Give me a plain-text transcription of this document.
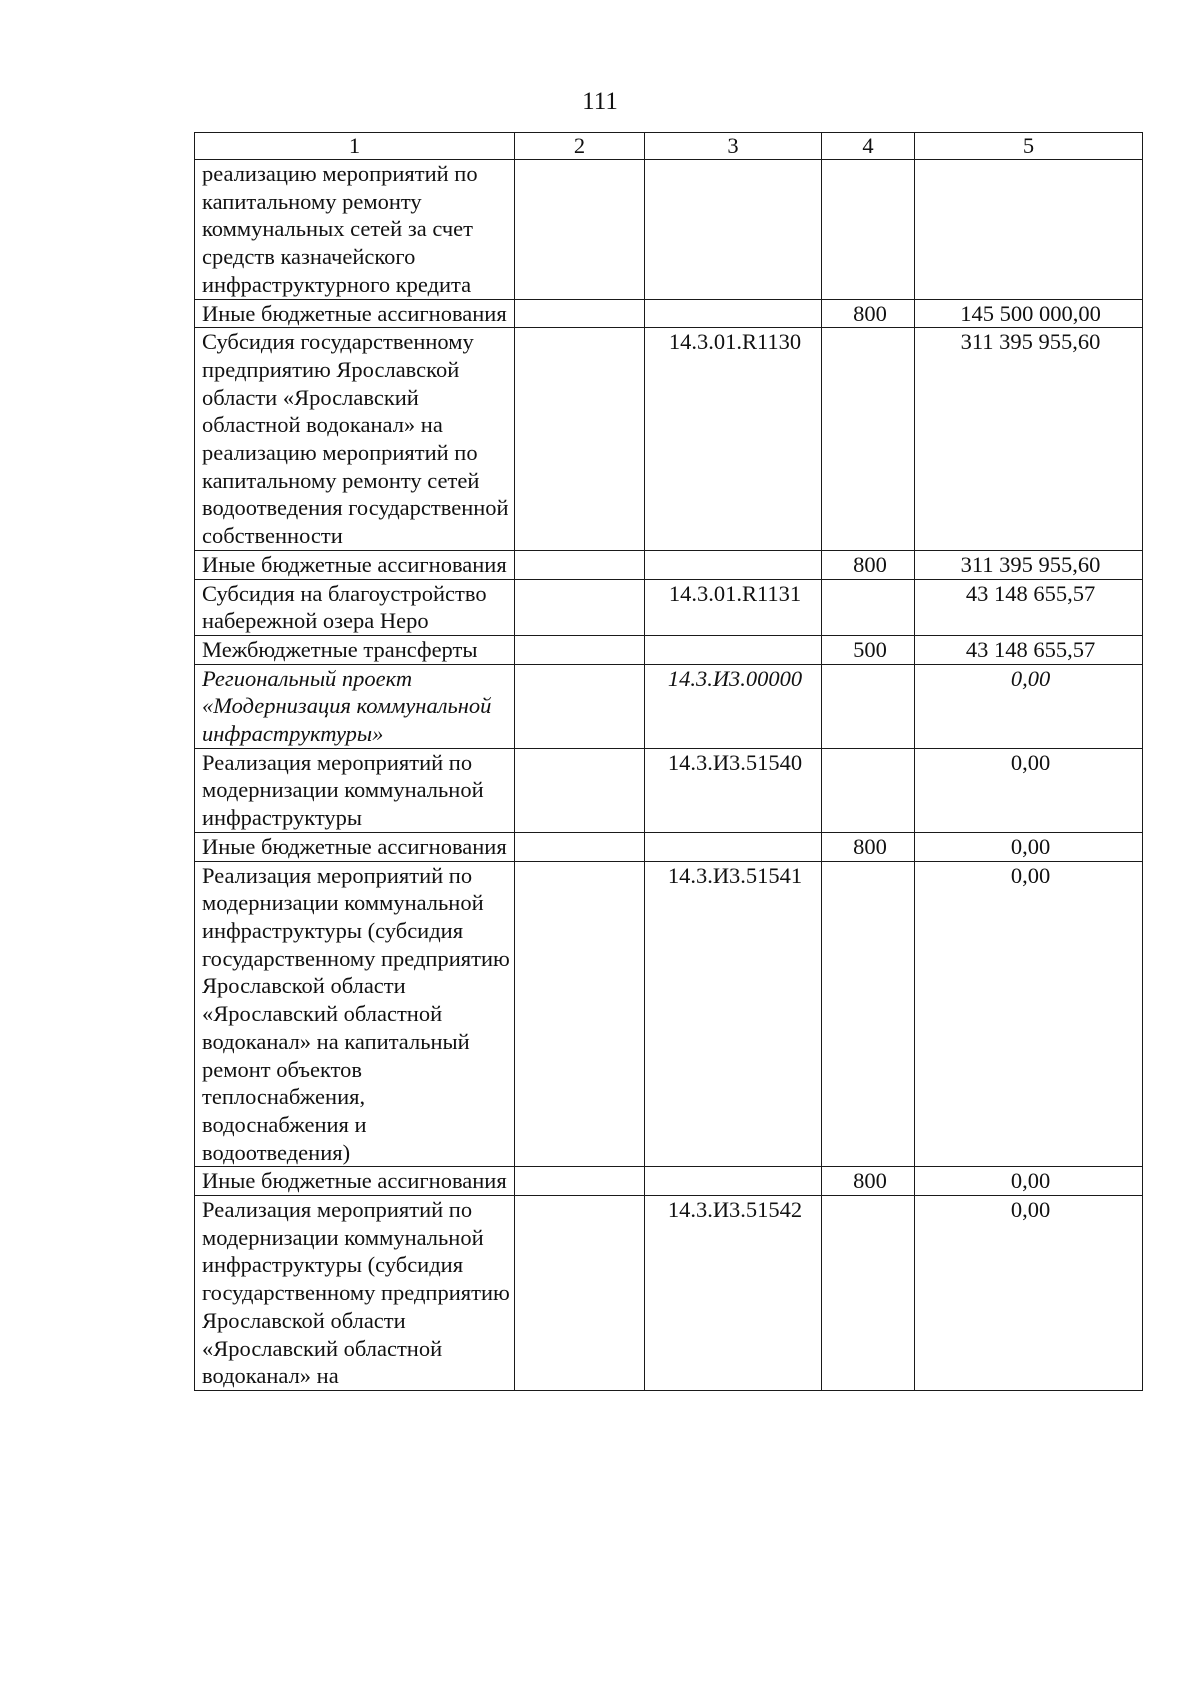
111
1	2	3	4	5
реализацию мероприятий по капитальному ремонту коммунальных сетей за счет средств казначейского инфраструктурного кредита				
Иные бюджетные ассигнования			800	145 500 000,00
Субсидия государственному предприятию Ярославской области «Ярославский областной водоканал» на реализацию мероприятий по капитальному ремонту сетей водоотведения государственной собственности		14.3.01.R1130		311 395 955,60
Иные бюджетные ассигнования			800	311 395 955,60
Субсидия на благоустройство набережной озера Неро		14.3.01.R1131		43 148 655,57
Межбюджетные трансферты			500	43 148 655,57
Региональный проект «Модернизация коммунальной инфраструктуры»		14.3.И3.00000		0,00
Реализация мероприятий по модернизации коммунальной инфраструктуры		14.3.И3.51540		0,00
Иные бюджетные ассигнования			800	0,00
Реализация мероприятий по модернизации коммунальной инфраструктуры (субсидия государственному предприятию Ярославской области «Ярославский областной водоканал» на капитальный ремонт объектов теплоснабжения, водоснабжения и водоотведения)		14.3.И3.51541		0,00
Иные бюджетные ассигнования			800	0,00
Реализация мероприятий по модернизации коммунальной инфраструктуры (субсидия государственному предприятию Ярославской области «Ярославский областной водоканал» на		14.3.И3.51542		0,00
